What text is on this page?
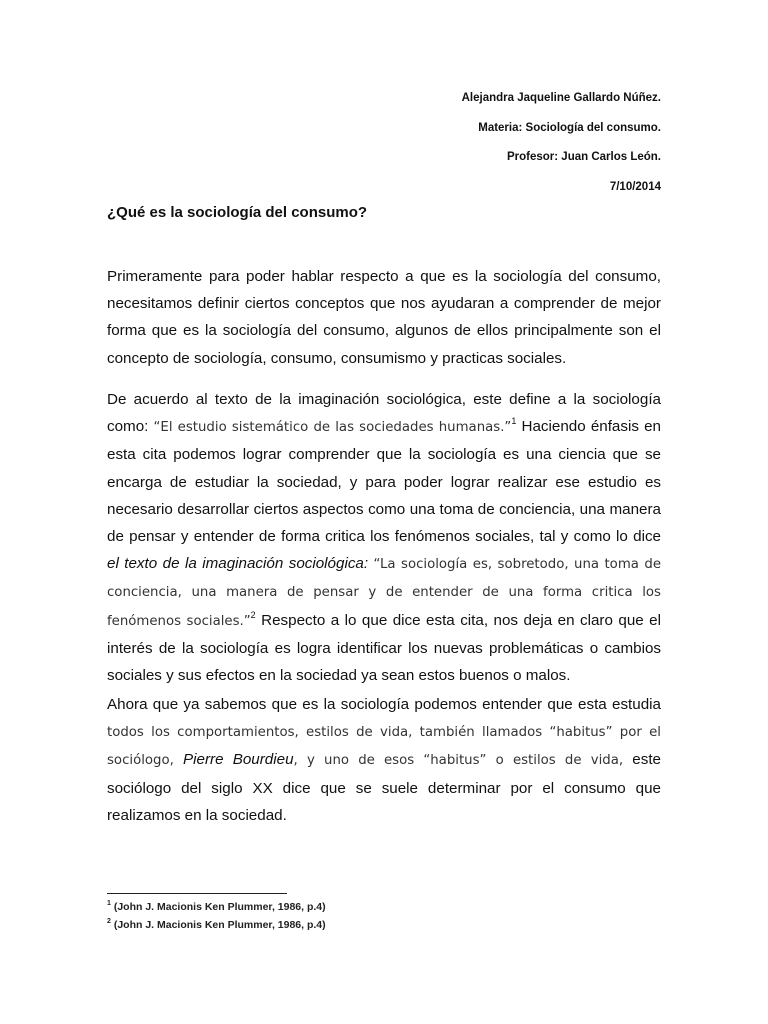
Alejandra Jaqueline Gallardo Núñez.
Materia: Sociología del consumo.
Profesor: Juan Carlos León.
7/10/2014
¿Qué es la sociología del consumo?

Primeramente para poder hablar respecto a que es la sociología del consumo, necesitamos definir ciertos conceptos que nos ayudaran a comprender de mejor forma que es la sociología del consumo, algunos de ellos principalmente son el concepto de sociología, consumo, consumismo y practicas sociales.

De acuerdo al texto de la imaginación sociológica, este define a la sociología como: “El estudio sistemático de las sociedades humanas.”$^1$ Haciendo énfasis en esta cita podemos lograr comprender que la sociología es una ciencia que se encarga de estudiar la sociedad, y para poder lograr realizar ese estudio es necesario desarrollar ciertos aspectos como una toma de conciencia, una manera de pensar y entender de forma critica los fenómenos sociales, tal y como lo dice el texto de la imaginación sociológica: “La sociología es, sobretodo, una toma de conciencia, una manera de pensar y de entender de una forma critica los fenómenos sociales.”$^2$ Respecto a lo que dice esta cita, nos deja en claro que el interés de la sociología es logra identificar los nuevas problemáticas o cambios sociales y sus efectos en la sociedad ya sean estos buenos o malos.

Ahora que ya sabemos que es la sociología podemos entender que esta estudia todos los comportamientos, estilos de vida, también llamados “habitus” por el sociólogo, Pierre Bourdieu, y uno de esos “habitus” o estilos de vida, este sociólogo del siglo XX dice que se suele determinar por el consumo que realizamos en la sociedad.

$^1$ (John J. Macionis Ken Plummer, 1986, p.4)
$^2$ (John J. Macionis Ken Plummer, 1986, p.4)
